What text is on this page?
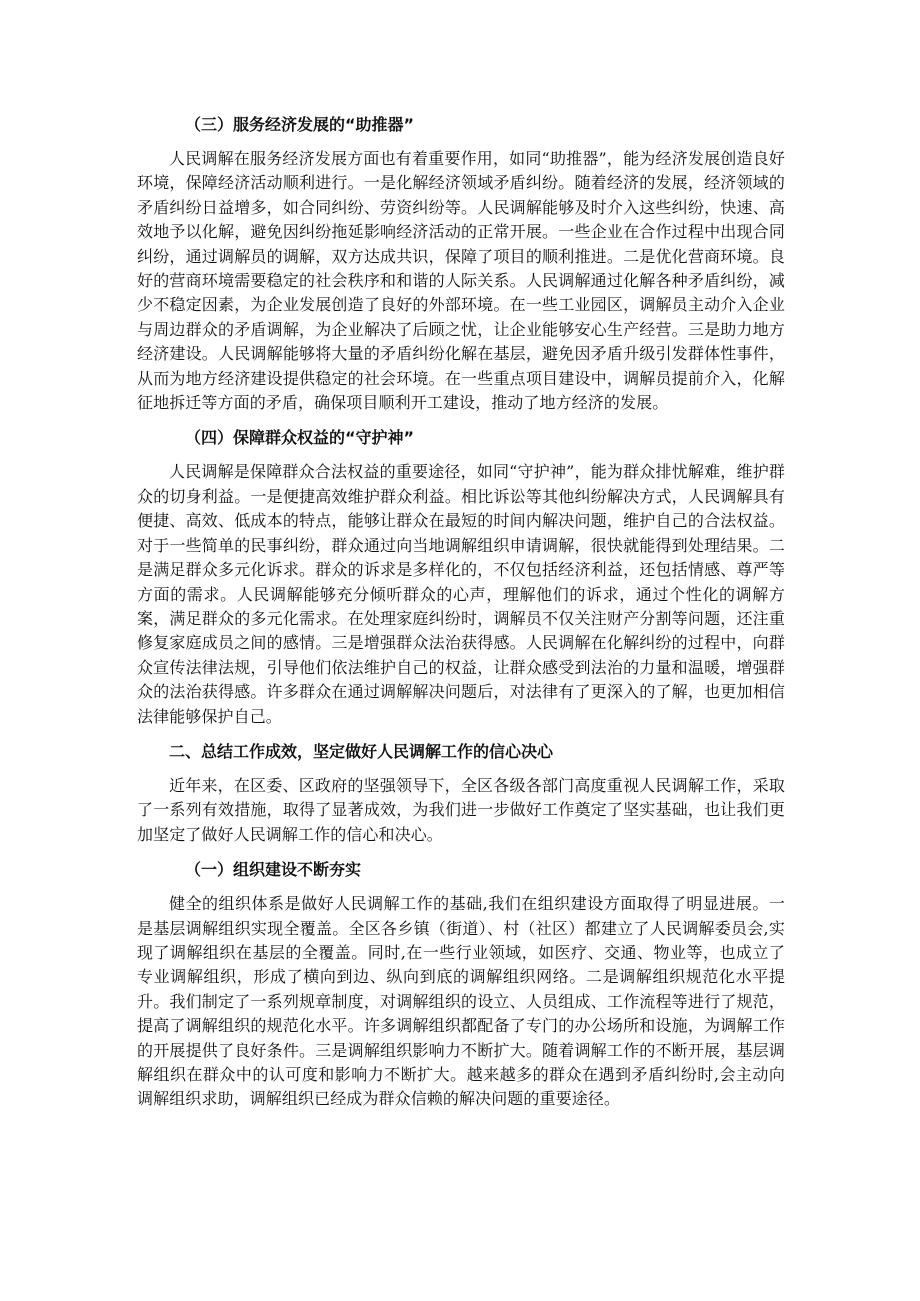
（三）服务经济发展的“助推器”

人民调解在服务经济发展方面也有着重要作用，如同“助推器”，能为经济发展创造良好环境，保障经济活动顺利进行。一是化解经济领域矛盾纠纷。随着经济的发展，经济领域的矛盾纠纷日益增多，如合同纠纷、劳资纠纷等。人民调解能够及时介入这些纠纷，快速、高效地予以化解，避免因纠纷拖延影响经济活动的正常开展。一些企业在合作过程中出现合同纠纷，通过调解员的调解，双方达成共识，保障了项目的顺利推进。二是优化营商环境。良好的营商环境需要稳定的社会秩序和和谐的人际关系。人民调解通过化解各种矛盾纠纷，减少不稳定因素，为企业发展创造了良好的外部环境。在一些工业园区，调解员主动介入企业与周边群众的矛盾调解，为企业解决了后顾之忧，让企业能够安心生产经营。三是助力地方经济建设。人民调解能够将大量的矛盾纠纷化解在基层，避免因矛盾升级引发群体性事件，从而为地方经济建设提供稳定的社会环境。在一些重点项目建设中，调解员提前介入，化解征地拆迁等方面的矛盾，确保项目顺利开工建设，推动了地方经济的发展。

（四）保障群众权益的“守护神”

人民调解是保障群众合法权益的重要途径，如同“守护神”，能为群众排忧解难，维护群众的切身利益。一是便捷高效维护群众利益。相比诉讼等其他纠纷解决方式，人民调解具有便捷、高效、低成本的特点，能够让群众在最短的时间内解决问题，维护自己的合法权益。对于一些简单的民事纠纷，群众通过向当地调解组织申请调解，很快就能得到处理结果。二是满足群众多元化诉求。群众的诉求是多样化的，不仅包括经济利益，还包括情感、尊严等方面的需求。人民调解能够充分倾听群众的心声，理解他们的诉求，通过个性化的调解方案，满足群众的多元化需求。在处理家庭纠纷时，调解员不仅关注财产分割等问题，还注重修复家庭成员之间的感情。三是增强群众法治获得感。人民调解在化解纠纷的过程中，向群众宣传法律法规，引导他们依法维护自己的权益，让群众感受到法治的力量和温暖，增强群众的法治获得感。许多群众在通过调解解决问题后，对法律有了更深入的了解，也更加相信法律能够保护自己。

二、总结工作成效，坚定做好人民调解工作的信心决心

近年来，在区委、区政府的坚强领导下，全区各级各部门高度重视人民调解工作，采取了一系列有效措施，取得了显著成效，为我们进一步做好工作奠定了坚实基础，也让我们更加坚定了做好人民调解工作的信心和决心。

（一）组织建设不断夯实

健全的组织体系是做好人民调解工作的基础,我们在组织建设方面取得了明显进展。一是基层调解组织实现全覆盖。全区各乡镇（街道）、村（社区）都建立了人民调解委员会,实现了调解组织在基层的全覆盖。同时,在一些行业领域，如医疗、交通、物业等，也成立了专业调解组织，形成了横向到边、纵向到底的调解组织网络。二是调解组织规范化水平提升。我们制定了一系列规章制度，对调解组织的设立、人员组成、工作流程等进行了规范，提高了调解组织的规范化水平。许多调解组织都配备了专门的办公场所和设施，为调解工作的开展提供了良好条件。三是调解组织影响力不断扩大。随着调解工作的不断开展，基层调解组织在群众中的认可度和影响力不断扩大。越来越多的群众在遇到矛盾纠纷时,会主动向调解组织求助，调解组织已经成为群众信赖的解决问题的重要途径。
